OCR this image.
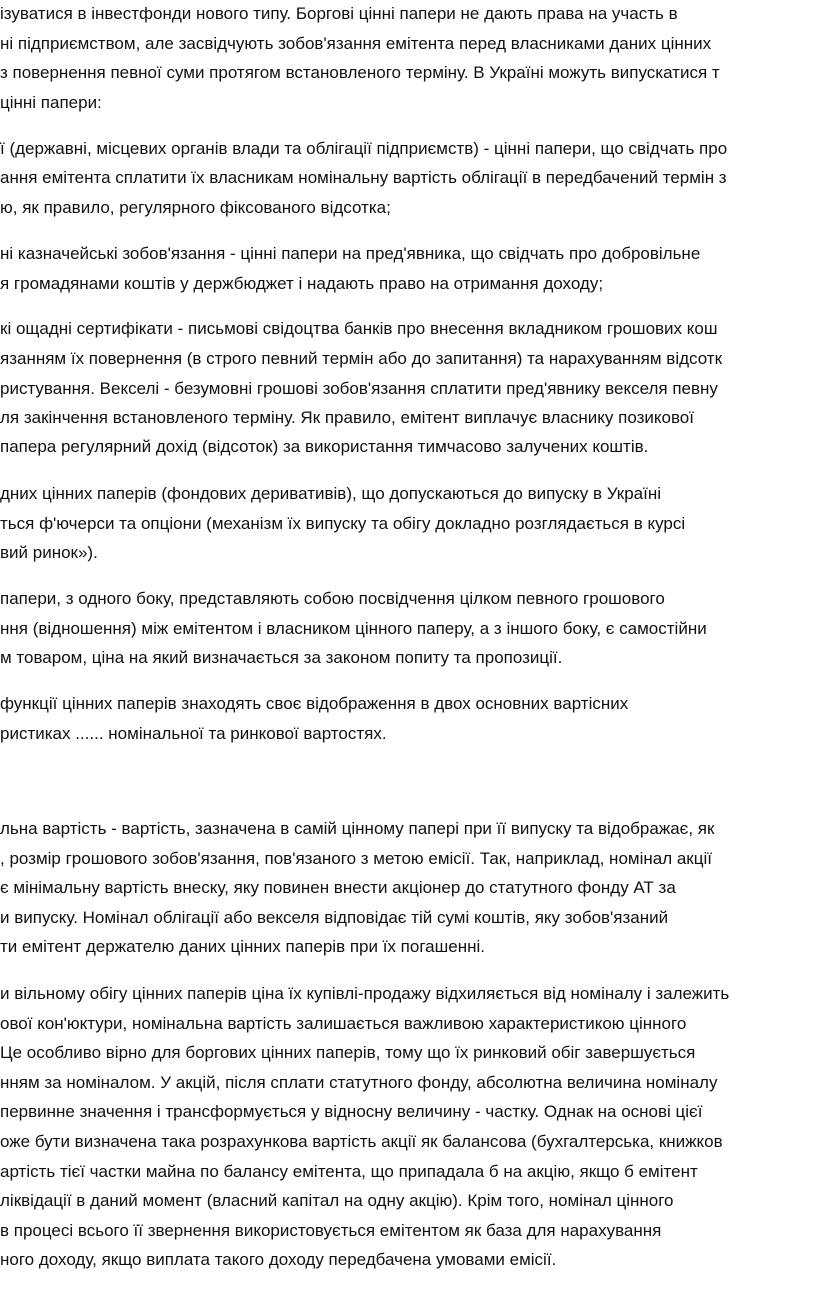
ізуватися в інвестфонди нового типу. Боргові цінні папери не дають права на участь в
ні підприємством, але засвідчують зобов'язання емітента перед власниками даних цінних
з повернення певної суми протягом встановленого терміну. В Україні можуть випускатися т
цінні папери:
ї (державні, місцевих органів влади та облігації підприємств) - цінні папери, що свідчать про
ання емітента сплатити їх власникам номінальну вартість облігації в передбачений термін з
ю, як правило, регулярного фіксованого відсотка;
ні казначейські зобов'язання - цінні папери на пред'явника, що свідчать про добровільне
я громадянами коштів у держбюджет і надають право на отримання доходу;
кі ощадні сертифікати - письмові свідоцтва банків про внесення вкладником грошових кош
язанням їх повернення (в строго певний термін або до запитання) та нарахуванням відсотк
ристування. Векселі - безумовні грошові зобов'язання сплатити пред'явнику векселя певну
ля закінчення встановленого терміну. Як правило, емітент виплачує власнику позикової
папера регулярний дохід (відсоток) за використання тимчасово залучених коштів.
дних цінних паперів (фондових деривативів), що допускаються до випуску в Україні
ться ф'ючерси та опціони (механізм їх випуску та обігу докладно розглядається в курсі
вий ринок»).
папери, з одного боку, представляють собою посвідчення цілком певного грошового
ння (відношення) між емітентом і власником цінного паперу, а з іншого боку, є самостійни
м товаром, ціна на який визначається за законом попиту та пропозиції.
функції цінних паперів знаходять своє відображення в двох основних вартісних
ристиках ...... номінальної та ринкової вартостях.
льна вартість - вартість, зазначена в самій цінному папері при її випуску та відображає, як
, розмір грошового зобов'язання, пов'язаного з метою емісії. Так, наприклад, номінал акції
є мінімальну вартість внеску, яку повинен внести акціонер до статутного фонду АТ за
и випуску. Номінал облігації або векселя відповідає тій сумі коштів, яку зобов'язаний
ти емітент держателю даних цінних паперів при їх погашенні.
и вільному обігу цінних паперів ціна їх купівлі-продажу відхиляється від номіналу і залежить
ової кон'юктури, номінальна вартість залишається важливою характеристикою цінного
Це особливо вірно для боргових цінних паперів, тому що їх ринковий обіг завершується
нням за номіналом. У акцій, після сплати статутного фонду, абсолютна величина номіналу
первинне значення і трансформується у відносну величину - частку. Однак на основі цієї
оже бути визначена така розрахункова вартість акції як балансова (бухгалтерська, книжков
артість тієї частки майна по балансу емітента, що припадала б на акцію, якщо б емітент
ліквідації в даний момент (власний капітал на одну акцію). Крім того, номінал цінного
в процесі всього її звернення використовується емітентом як база для нарахування
ного доходу, якщо виплата такого доходу передбачена умовами емісії.
